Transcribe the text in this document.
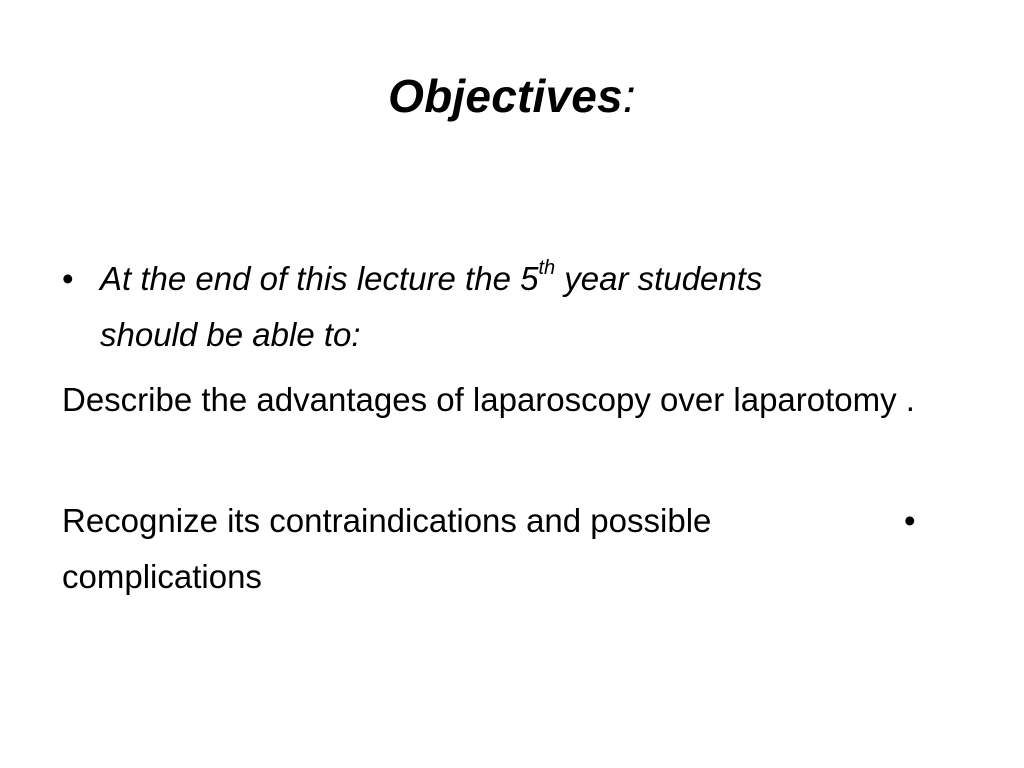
Objectives:
• At the end of this lecture the 5th year students
should be able to:
Describe the advantages of laparoscopy over laparotomy .
Recognize its contraindications and possible complications
•
